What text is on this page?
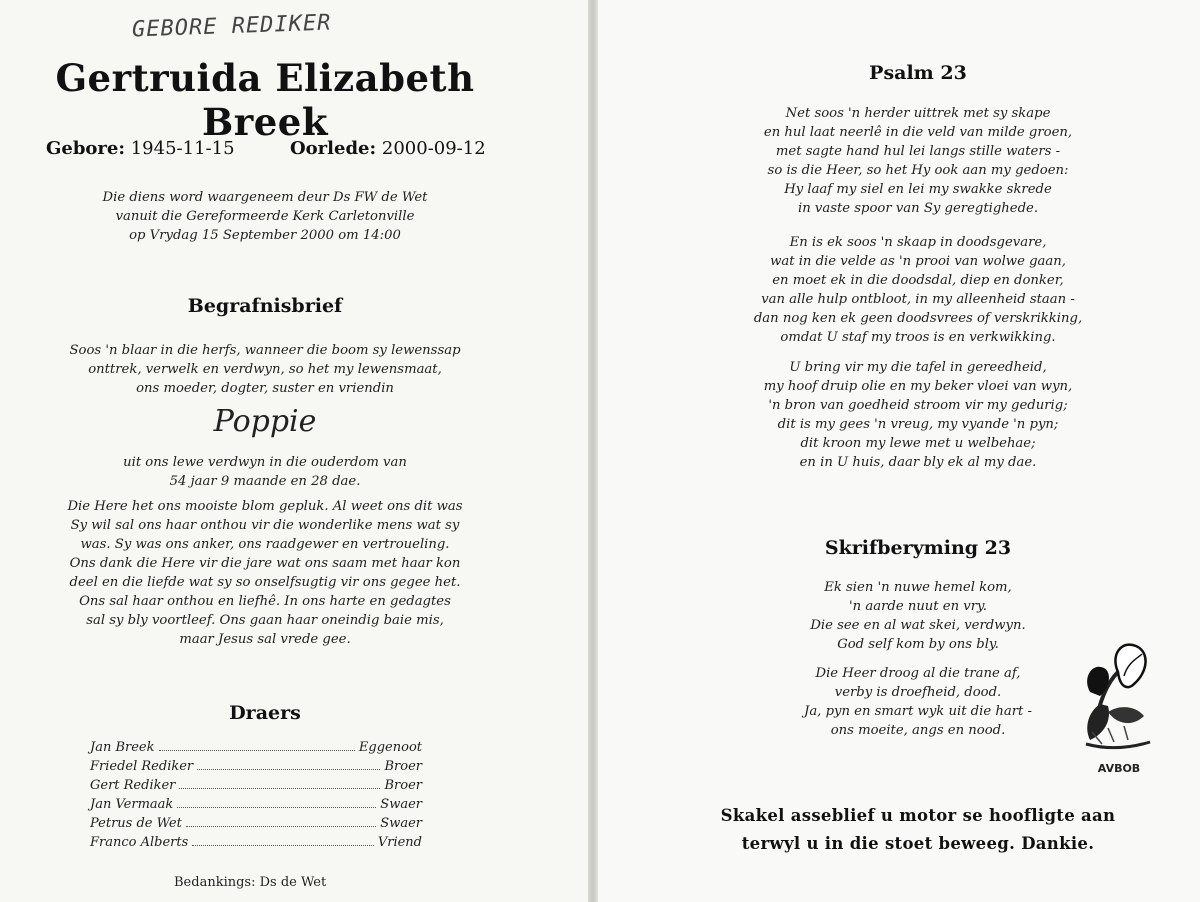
GEBORE REDIKER
Gertruida Elizabeth Breek
Gebore: 1945-11-15	Oorlede: 2000-09-12

Die diens word waargeneem deur Ds FW de Wet

vanuit die Gereformeerde Kerk Carletonville

op Vrydag 15 September 2000 om 14:00

Begrafnisbrief

Soos 'n blaar in die herfs, wanneer die boom sy lewenssap

onttrek, verwelk en verdwyn, so het my lewensmaat,

ons moeder, dogter, suster en vriendin

Poppie

uit ons lewe verdwyn in die ouderdom van

54 jaar 9 maande en 28 dae.

Die Here het ons mooiste blom gepluk. Al weet ons dit was

Sy wil sal ons haar onthou vir die wonderlike mens wat sy

was. Sy was ons anker, ons raadgewer en vertroueling.

Ons dank die Here vir die jare wat ons saam met haar kon

deel en die liefde wat sy so onselfsugtig vir ons gegee het.

Ons sal haar onthou en liefhê. In ons harte en gedagtes

sal sy bly voortleef. Ons gaan haar oneindig baie mis,

maar Jesus sal vrede gee.

Draers
Jan Breek	Eggenoot
Friedel Rediker	Broer
Gert Rediker	Broer
Jan Vermaak	Swaer
Petrus de Wet	Swaer
Franco Alberts	Vriend
Bedankings: Ds de Wet
Psalm 23

Net soos 'n herder uittrek met sy skape

en hul laat neerlê in die veld van milde groen,

met sagte hand hul lei langs stille waters -

so is die Heer, so het Hy ook aan my gedoen:

Hy laaf my siel en lei my swakke skrede

in vaste spoor van Sy geregtighede.

En is ek soos 'n skaap in doodsgevare,

wat in die velde as 'n prooi van wolwe gaan,

en moet ek in die doodsdal, diep en donker,

van alle hulp ontbloot, in my alleenheid staan -

dan nog ken ek geen doodsvrees of verskrikking,

omdat U staf my troos is en verkwikking.

U bring vir my die tafel in gereedheid,

my hoof druip olie en my beker vloei van wyn,

'n bron van goedheid stroom vir my gedurig;

dit is my gees 'n vreug, my vyande 'n pyn;

dit kroon my lewe met u welbehae;

en in U huis, daar bly ek al my dae.

Skrifberyming 23

Ek sien 'n nuwe hemel kom,

'n aarde nuut en vry.

Die see en al wat skei, verdwyn.

God self kom by ons bly.

Die Heer droog al die trane af,

verby is droefheid, dood.

Ja, pyn en smart wyk uit die hart -

ons moeite, angs en nood.

AVBOB
Skakel asseblief u motor se hoofligte aan
terwyl u in die stoet beweeg. Dankie.
